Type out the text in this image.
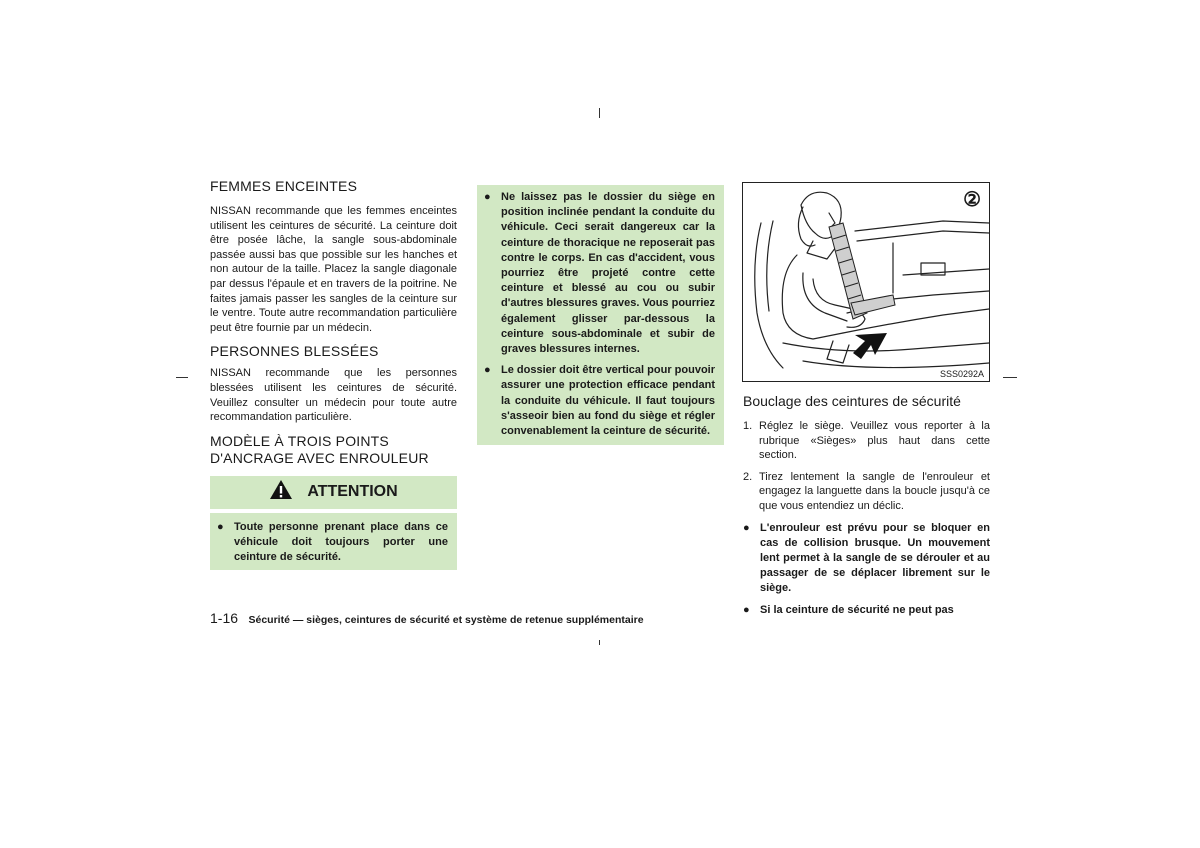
FEMMES ENCEINTES

NISSAN recommande que les femmes enceintes utilisent les ceintures de sécurité. La ceinture doit être posée lâche, la sangle sous-abdominale passée aussi bas que possible sur les hanches et non autour de la taille. Placez la sangle diagonale par dessus l'épaule et en travers de la poitrine. Ne faites jamais passer les sangles de la ceinture sur le ventre. Toute autre recommandation particulière peut être fournie par un médecin.

PERSONNES BLESSÉES

NISSAN recommande que les personnes blessées utilisent les ceintures de sécurité. Veuillez consulter un médecin pour toute autre recommandation particulière.

MODÈLE À TROIS POINTS
D'ANCRAGE AVEC ENROULEUR
ATTENTION
● Toute personne prenant place dans ce véhicule doit toujours porter une ceinture de sécurité.
● Ne laissez pas le dossier du siège en position inclinée pendant la conduite du véhicule. Ceci serait dangereux car la ceinture de thoracique ne reposerait pas contre le corps. En cas d'accident, vous pourriez être projeté contre cette ceinture et blessé au cou ou subir d'autres blessures graves. Vous pourriez également glisser par-dessous la ceinture sous-abdominale et subir de graves blessures internes.
● Le dossier doit être vertical pour pouvoir assurer une protection efficace pendant la conduite du véhicule. Il faut toujours s'asseoir bien au fond du siège et régler convenablement la ceinture de sécurité.
②
SSS0292A
Bouclage des ceintures de sécurité
1. Réglez le siège. Veuillez vous reporter à la rubrique «Sièges» plus haut dans cette section.
2. Tirez lentement la sangle de l'enrouleur et engagez la languette dans la boucle jusqu'à ce que vous entendiez un déclic.
● L'enrouleur est prévu pour se bloquer en cas de collision brusque. Un mouvement lent permet à la sangle de se dérouler et au passager de se déplacer librement sur le siège.
● Si la ceinture de sécurité ne peut pas
1-16 Sécurité — sièges, ceintures de sécurité et système de retenue supplémentaire
